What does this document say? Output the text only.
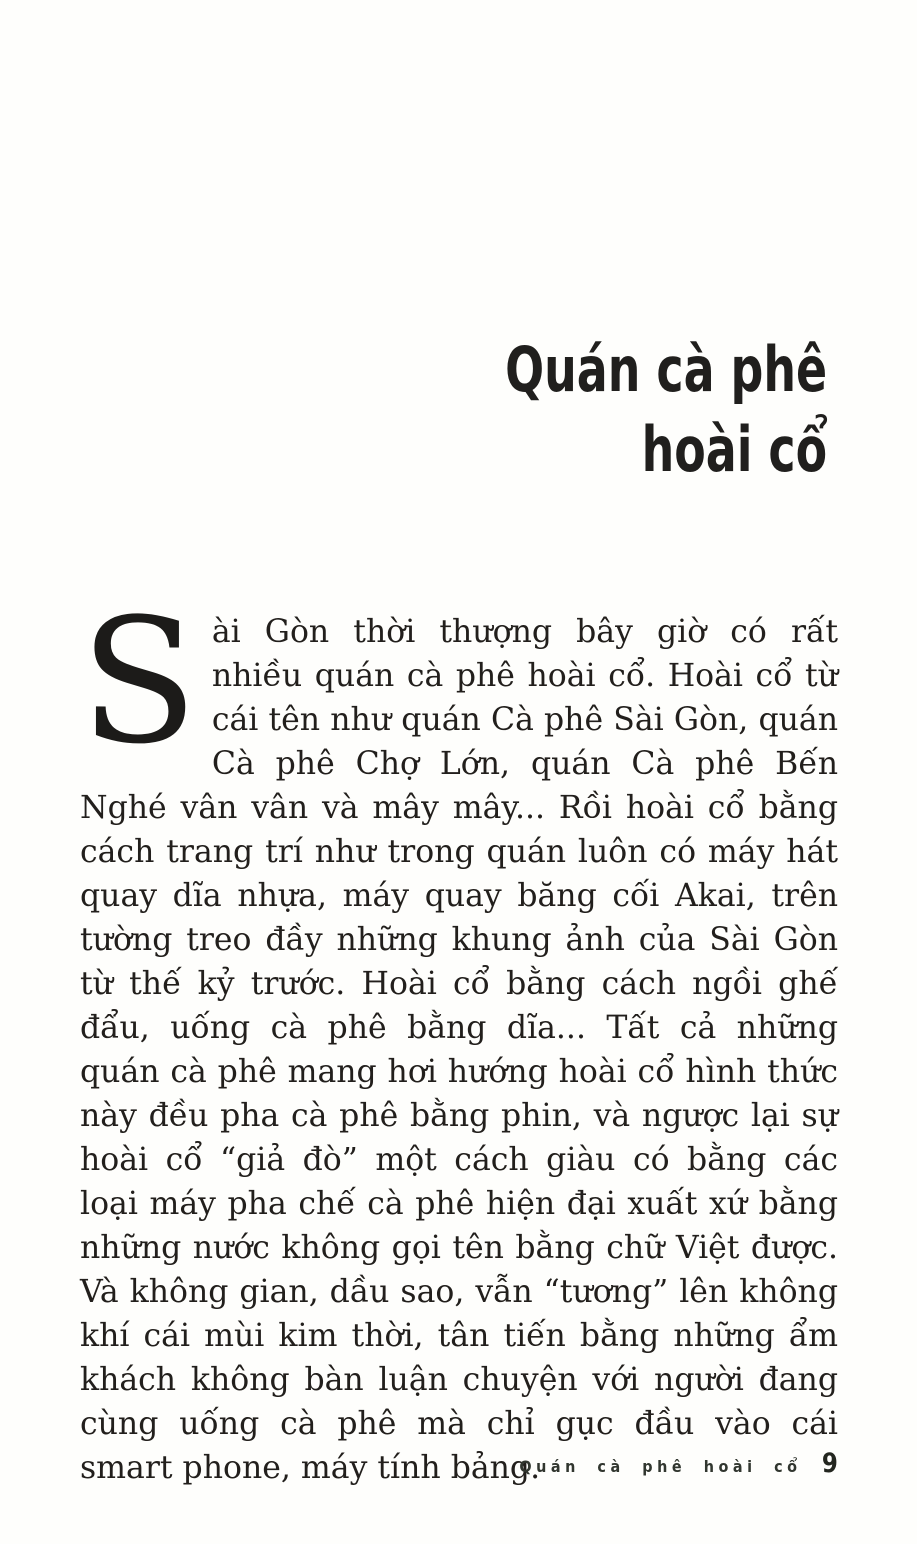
Quán cà phê
hoài cổ
Sài Gòn thời thượng bây giờ có rất nhiều quán cà phê hoài cổ. Hoài cổ từ cái tên như quán Cà phê Sài Gòn, quán Cà phê Chợ Lớn, quán Cà phê Bến Nghé vân vân và mây mây... Rồi hoài cổ bằng cách trang trí như trong quán luôn có máy hát quay dĩa nhựa, máy quay băng cối Akai, trên tường treo đầy những khung ảnh của Sài Gòn từ thế kỷ trước. Hoài cổ bằng cách ngồi ghế đẩu, uống cà phê bằng dĩa... Tất cả những quán cà phê mang hơi hướng hoài cổ hình thức này đều pha cà phê bằng phin, và ngược lại sự hoài cổ “giả đò” một cách giàu có bằng các loại máy pha chế cà phê hiện đại xuất xứ bằng những nước không gọi tên bằng chữ Việt được. Và không gian, dầu sao, vẫn “tương” lên không khí cái mùi kim thời, tân tiến bằng những ẩm khách không bàn luận chuyện với người đang cùng uống cà phê mà chỉ gục đầu vào cái smart phone, máy tính bảng.
Quán cà phê hoài cổ 9
